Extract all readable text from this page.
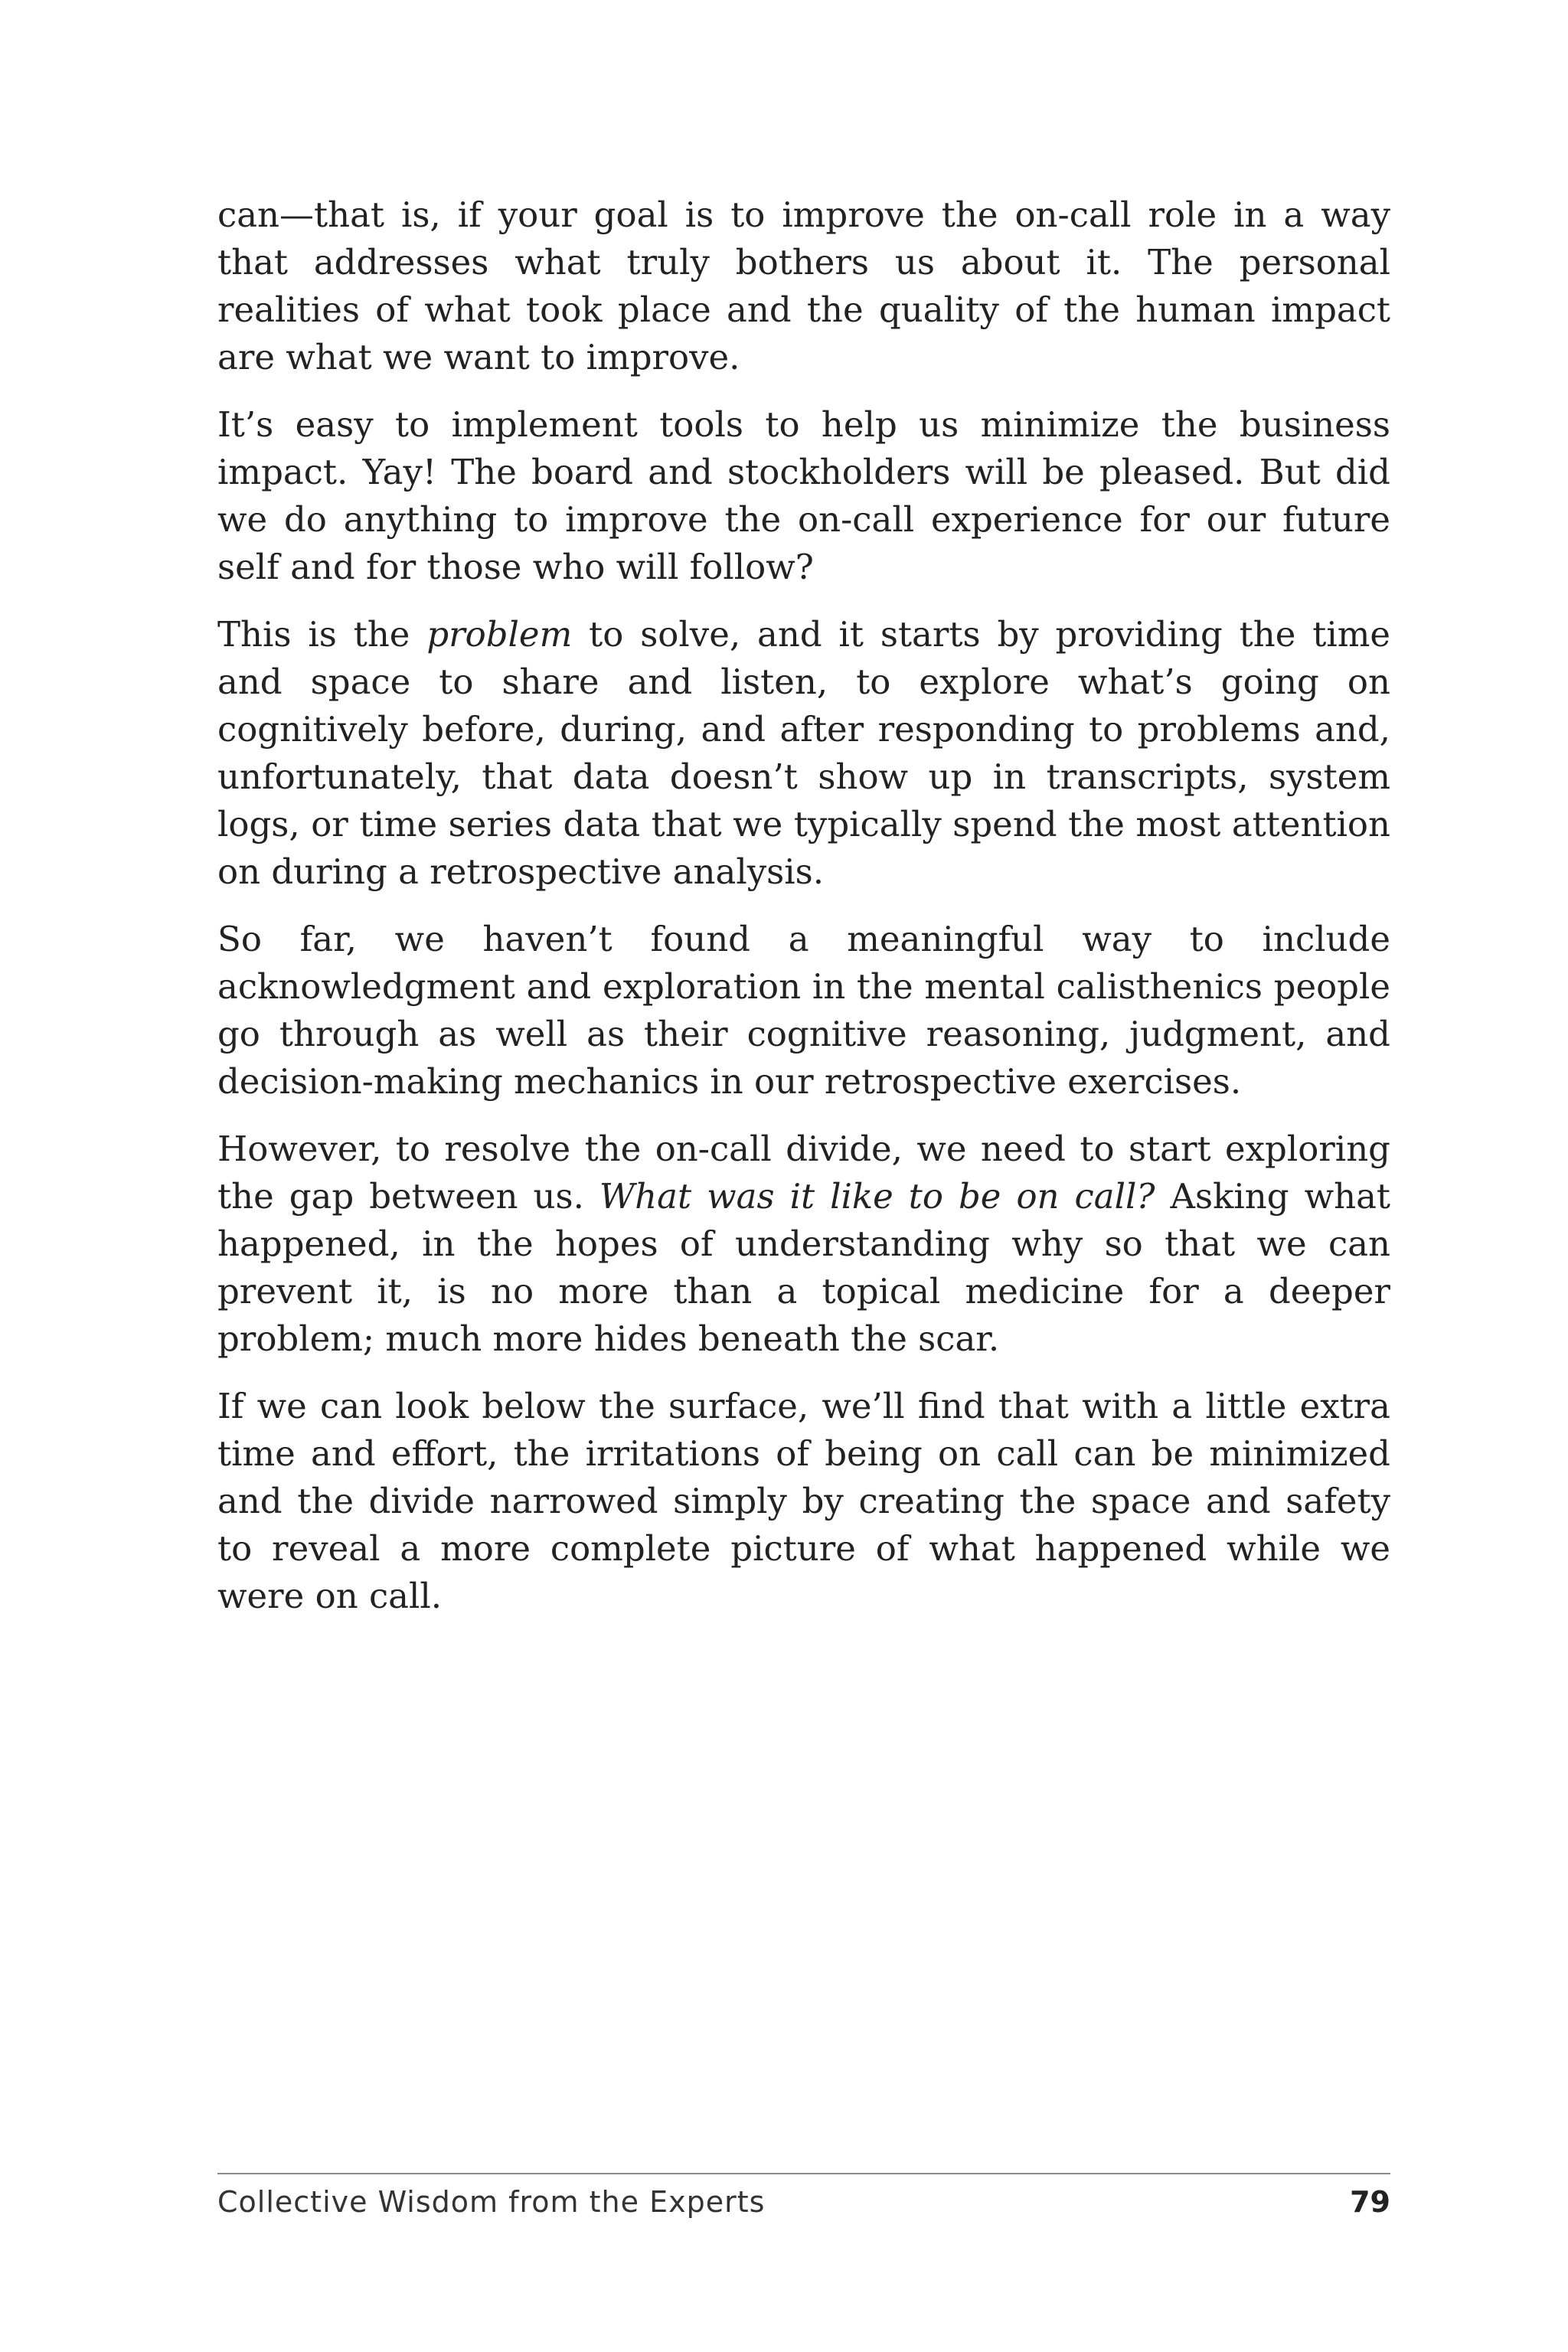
can—that is, if your goal is to improve the on-call role in a way that addresses what truly bothers us about it. The personal realities of what took place and the quality of the human impact are what we want to improve.

It’s easy to implement tools to help us minimize the business impact. Yay! The board and stockholders will be pleased. But did we do anything to improve the on-call experience for our future self and for those who will follow?

This is the problem to solve, and it starts by providing the time and space to share and listen, to explore what’s going on cognitively before, during, and after responding to problems and, unfortunately, that data doesn’t show up in transcripts, system logs, or time series data that we typically spend the most attention on during a retrospective analysis.

So far, we haven’t found a meaningful way to include acknowledgment and exploration in the mental calisthenics people go through as well as their cognitive reasoning, judgment, and decision-making mechanics in our retrospective exercises.

However, to resolve the on-call divide, we need to start exploring the gap between us. What was it like to be on call? Asking what happened, in the hopes of understanding why so that we can prevent it, is no more than a topical medicine for a deeper problem; much more hides beneath the scar.

If we can look below the surface, we’ll find that with a little extra time and effort, the irritations of being on call can be minimized and the divide narrowed simply by creating the space and safety to reveal a more complete picture of what happened while we were on call.

Collective Wisdom from the Experts	79
